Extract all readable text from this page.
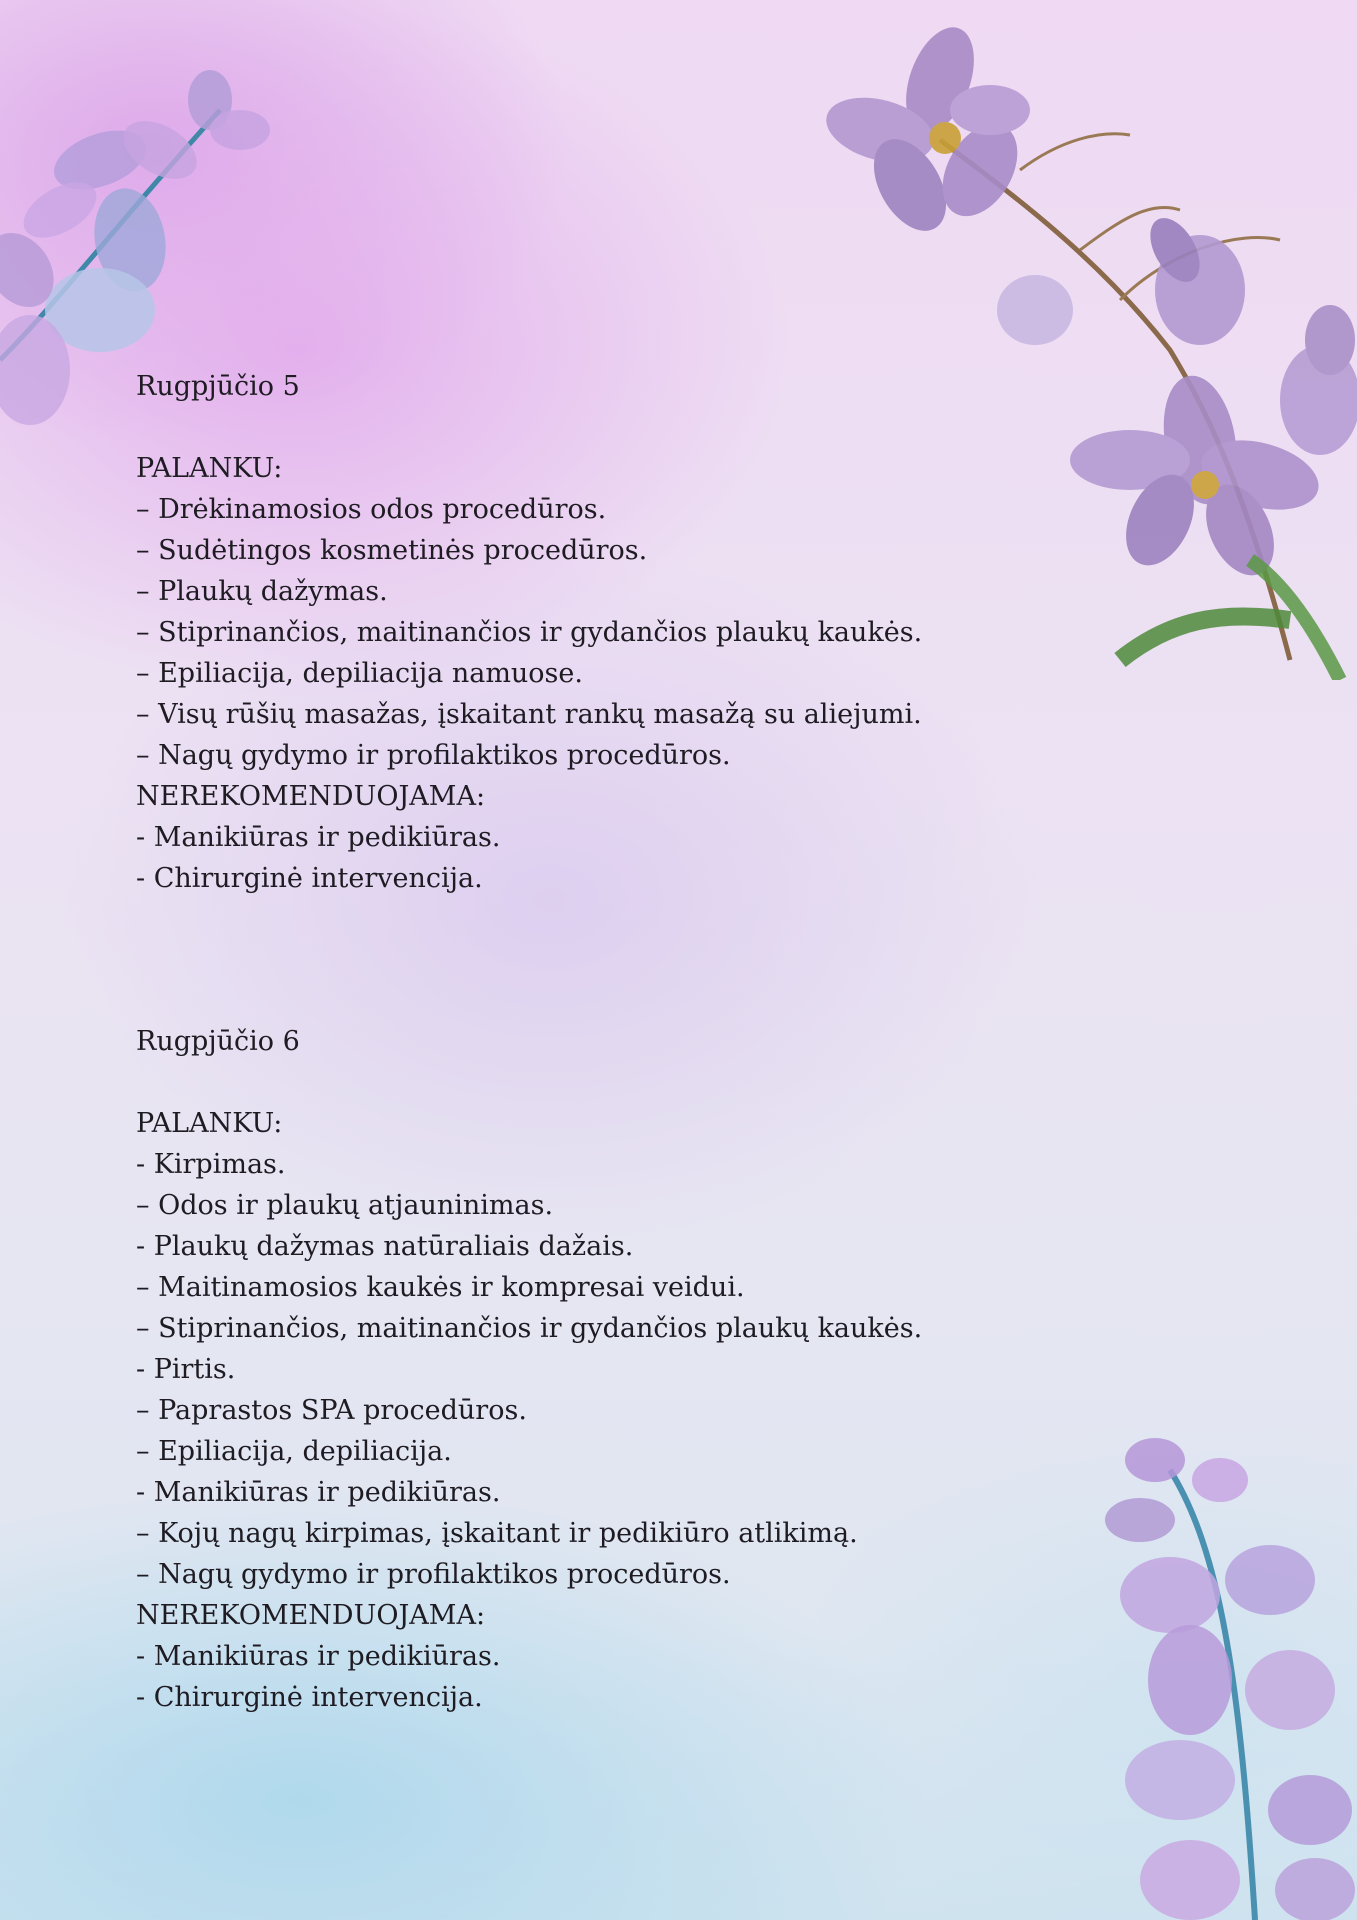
Rugpjūčio 5
PALANKU:
– Drėkinamosios odos procedūros.
– Sudėtingos kosmetinės procedūros.
– Plaukų dažymas.
– Stiprinančios, maitinančios ir gydančios plaukų kaukės.
– Epiliacija, depiliacija namuose.
– Visų rūšių masažas, įskaitant rankų masažą su aliejumi.
– Nagų gydymo ir profilaktikos procedūros.
NEREKOMENDUOJAMA:
- Manikiūras ir pedikiūras.
- Chirurginė intervencija.
Rugpjūčio 6
PALANKU:
- Kirpimas.
– Odos ir plaukų atjauninimas.
- Plaukų dažymas natūraliais dažais.
– Maitinamosios kaukės ir kompresai veidui.
– Stiprinančios, maitinančios ir gydančios plaukų kaukės.
- Pirtis.
– Paprastos SPA procedūros.
– Epiliacija, depiliacija.
- Manikiūras ir pedikiūras.
– Kojų nagų kirpimas, įskaitant ir pedikiūro atlikimą.
– Nagų gydymo ir profilaktikos procedūros.
NEREKOMENDUOJAMA:
- Manikiūras ir pedikiūras.
- Chirurginė intervencija.
